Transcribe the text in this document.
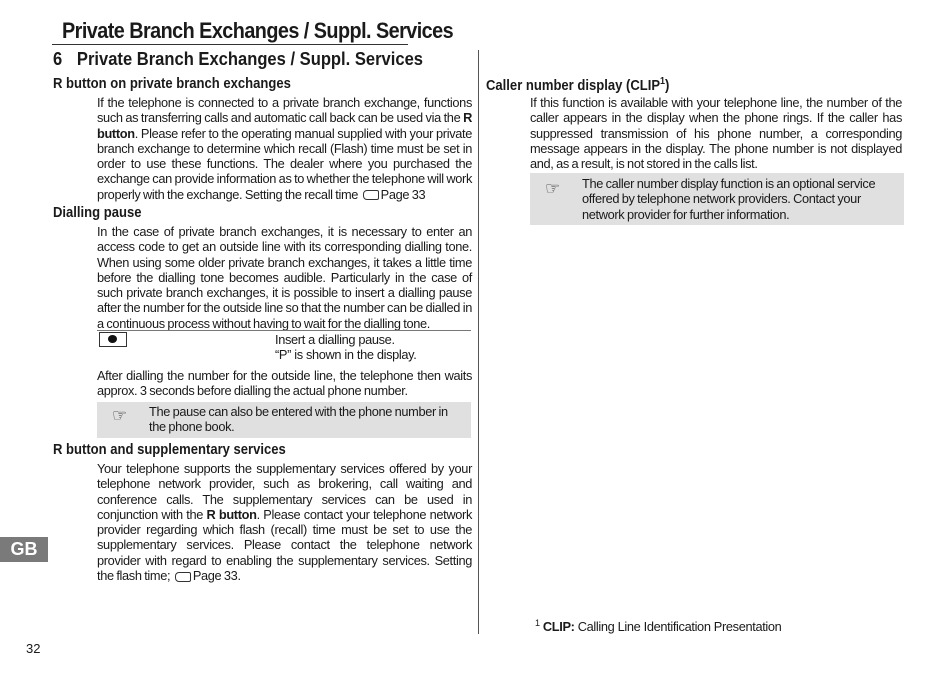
Private Branch Exchanges / Suppl. Services
6 Private Branch Exchanges / Suppl. Services
R button on private branch exchanges
If the telephone is connected to a private branch exchange, functions such as transferring calls and automatic call back can be used via the R button. Please refer to the operating manual supplied with your private branch exchange to determine which recall (Flash) time must be set in order to use these functions. The dealer where you purchased the exchange can provide information as to whether the telephone will work properly with the exchange. Setting the recall time Page 33
Dialling pause
In the case of private branch exchanges, it is necessary to enter an access code to get an outside line with its corresponding dialling tone. When using some older private branch exchanges, it takes a little time before the dialling tone becomes audible. Particularly in the case of such private branch exchanges, it is possible to insert a dialling pause after the number for the outside line so that the number can be dialled in a continuous process without having to wait for the dialling tone.
Insert a dialling pause.
“P” is shown in the display.
After dialling the number for the outside line, the telephone then waits approx. 3 seconds before dialling the actual phone number.
☞ The pause can also be entered with the phone number in the phone book.
R button and supplementary services
Your telephone supports the supplementary services offered by your telephone network provider, such as brokering, call waiting and conference calls. The supplementary services can be used in conjunction with the R button. Please contact your telephone network provider regarding which flash (recall) time must be set to use the supplementary services. Please contact the telephone network provider with regard to enabling the supplementary services. Setting the flash time; Page 33.
Caller number display (CLIP$^1$)
If this function is available with your telephone line, the number of the caller appears in the display when the phone rings. If the caller has suppressed transmission of his phone number, a corresponding message appears in the display. The phone number is not displayed and, as a result, is not stored in the calls list.
☞ The caller number display function is an optional service offered by telephone network providers. Contact your network provider for further information.
$^1$ CLIP: Calling Line Identification Presentation
GB
32
